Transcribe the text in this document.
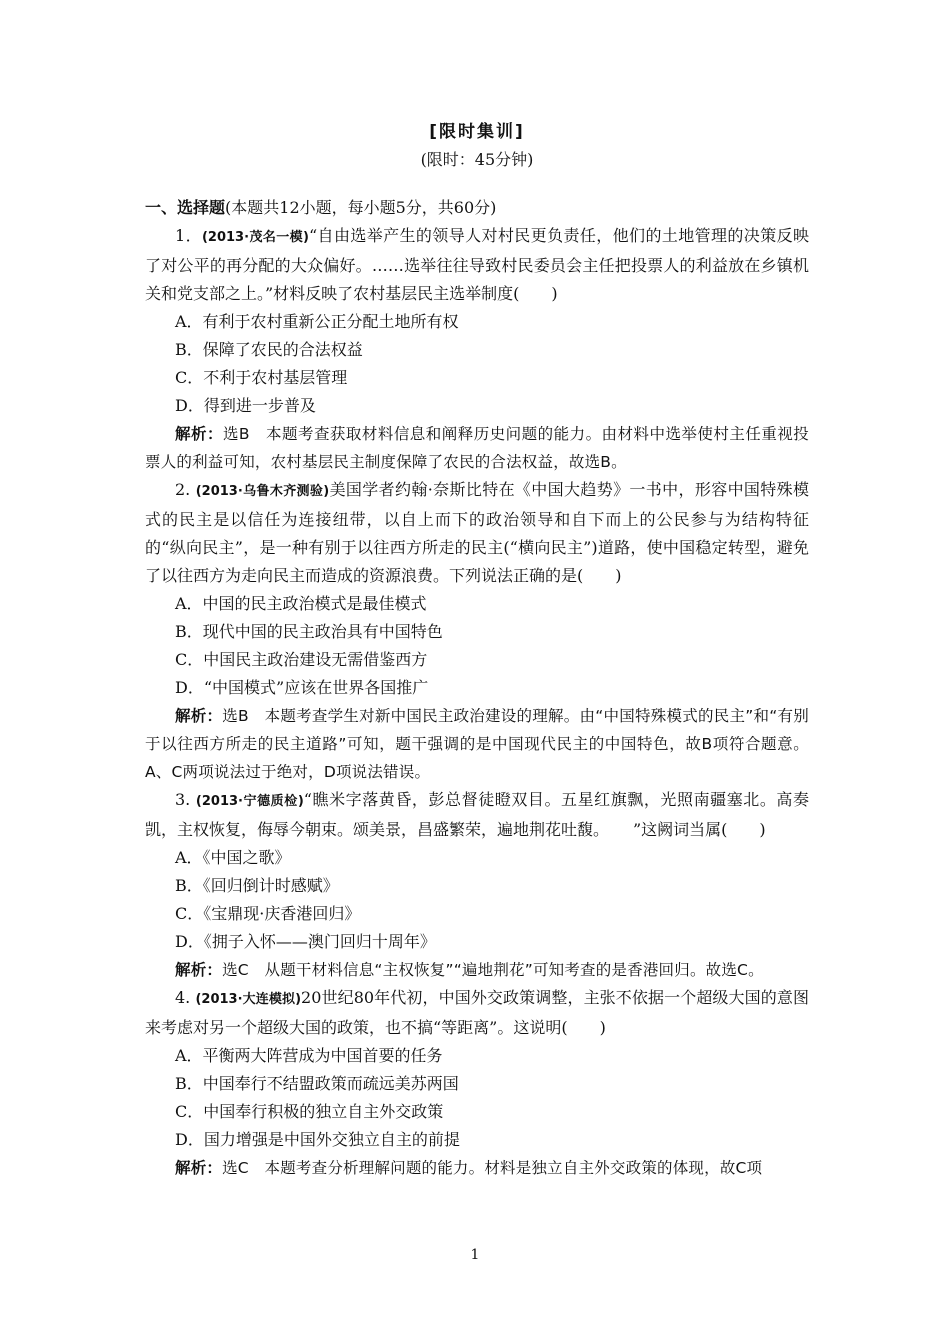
[限时集训]
(限时：45分钟)
一、选择题(本题共12小题，每小题5分，共60分)

1．(2013·茂名一模)“自由选举产生的领导人对村民更负责任，他们的土地管理的决策反映了对公平的再分配的大众偏好。……选举往往导致村民委员会主任把投票人的利益放在乡镇机关和党支部之上。”材料反映了农村基层民主选举制度(　　)

A．有利于农村重新公正分配土地所有权

B．保障了农民的合法权益

C．不利于农村基层管理

D．得到进一步普及

解析：选B　本题考查获取材料信息和阐释历史问题的能力。由材料中选举使村主任重视投票人的利益可知，农村基层民主制度保障了农民的合法权益，故选B。

2. (2013·乌鲁木齐测验)美国学者约翰·奈斯比特在《中国大趋势》一书中，形容中国特殊模式的民主是以信任为连接纽带，以自上而下的政治领导和自下而上的公民参与为结构特征的“纵向民主”，是一种有别于以往西方所走的民主(“横向民主”)道路，使中国稳定转型，避免了以往西方为走向民主而造成的资源浪费。下列说法正确的是(　　)

A．中国的民主政治模式是最佳模式

B．现代中国的民主政治具有中国特色

C．中国民主政治建设无需借鉴西方

D．“中国模式”应该在世界各国推广

解析：选B　本题考查学生对新中国民主政治建设的理解。由“中国特殊模式的民主”和“有别于以往西方所走的民主道路”可知，题干强调的是中国现代民主的中国特色，故B项符合题意。A、C两项说法过于绝对，D项说法错误。

3. (2013·宁德质检)“瞧米字落黄昏，彭总督徒瞪双目。五星红旗飘，光照南疆塞北。高奏凯，主权恢复，侮辱今朝束。颂美景，昌盛繁荣，遍地荆花吐馥。　　”这阙词当属(　　)

A．《中国之歌》

B．《回归倒计时感赋》

C．《宝鼎现·庆香港回归》

D．《拥子入怀——澳门回归十周年》

解析：选C　从题干材料信息“主权恢复”“遍地荆花”可知考查的是香港回归。故选C。

4. (2013·大连模拟)20世纪80年代初，中国外交政策调整，主张不依据一个超级大国的意图来考虑对另一个超级大国的政策，也不搞“等距离”。这说明(　　)

A．平衡两大阵营成为中国首要的任务

B．中国奉行不结盟政策而疏远美苏两国

C．中国奉行积极的独立自主外交政策

D．国力增强是中国外交独立自主的前提

解析：选C　本题考查分析理解问题的能力。材料是独立自主外交政策的体现，故C项

1
